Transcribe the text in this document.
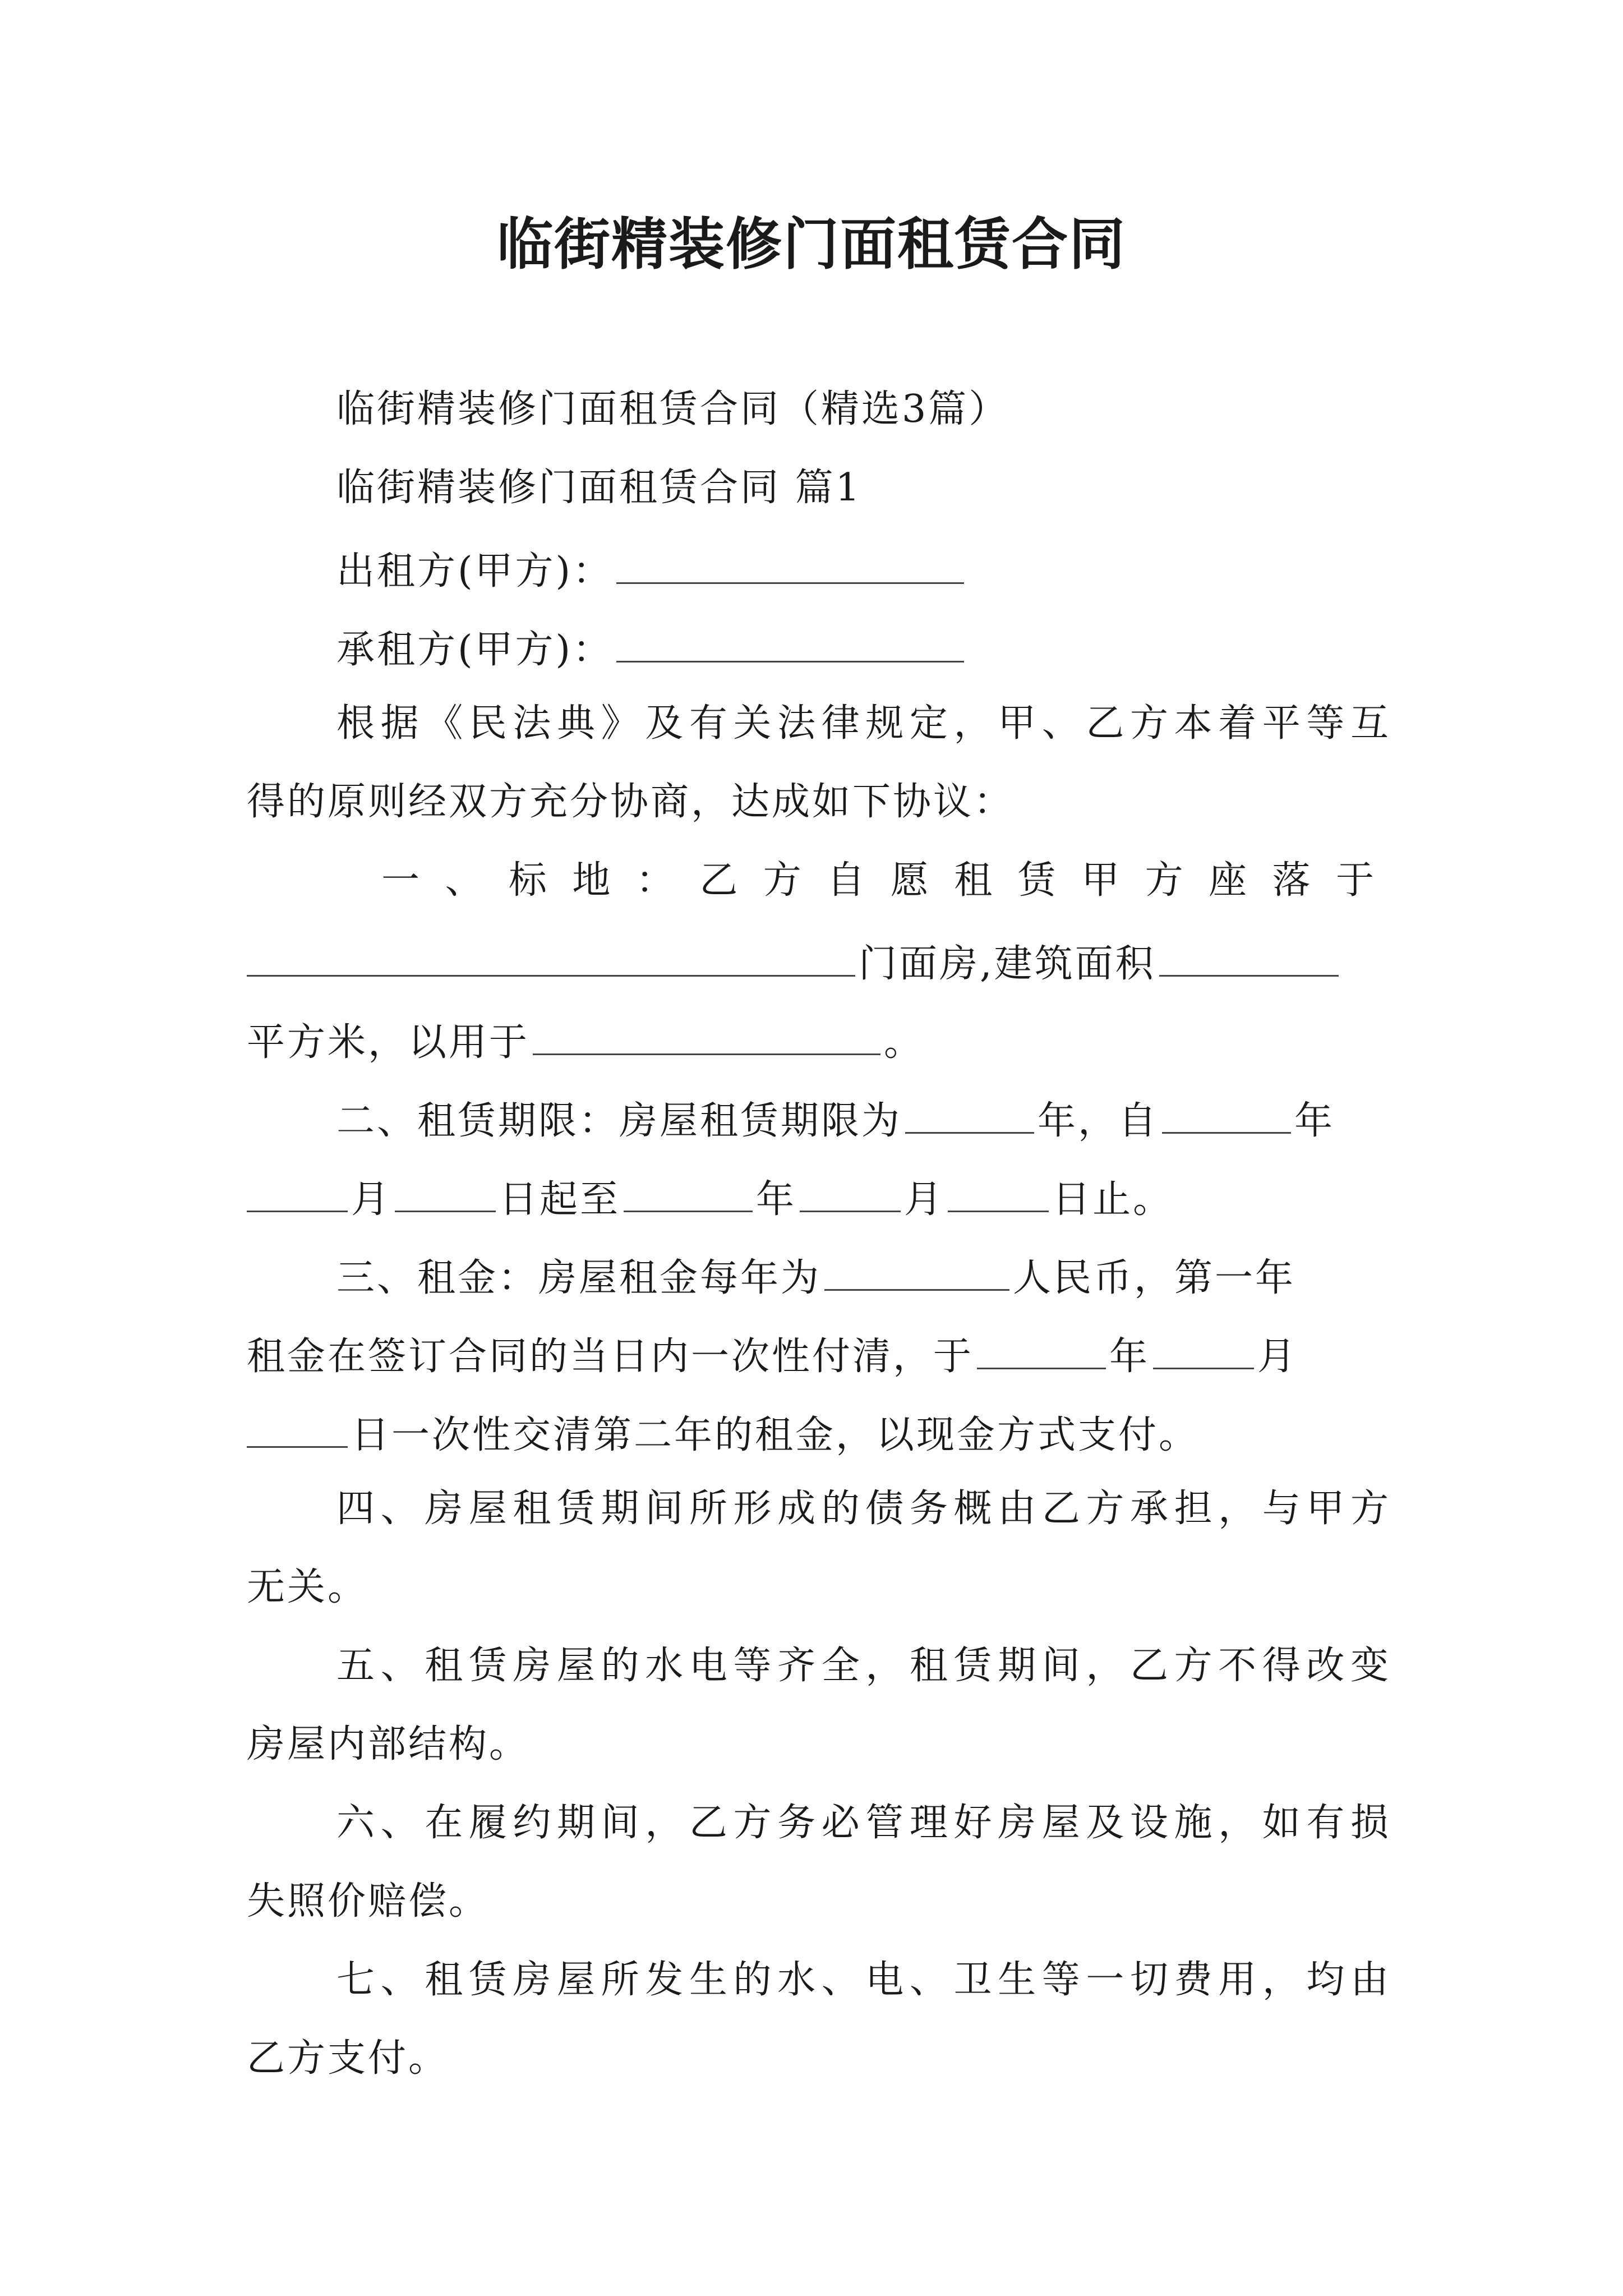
临街精装修门面租赁合同
临街精装修门面租赁合同（精选3篇）
临街精装修门面租赁合同 篇1
出租方(甲方)：
承租方(甲方)：
根据《民法典》及有关法律规定，甲、乙方本着平等互
得的原则经双方充分协商，达成如下协议：
一、标地：乙方自愿租赁甲方座落于
门面房,建筑面积
平方米，以用于	。
二、租赁期限：房屋租赁期限为	年，自	年
月	日起至	年	月	日止。
三、租金：房屋租金每年为	人民币，第一年
租金在签订合同的当日内一次性付清，于	年	月
日一次性交清第二年的租金，以现金方式支付。
四、房屋租赁期间所形成的债务概由乙方承担，与甲方
无关。
五、租赁房屋的水电等齐全，租赁期间，乙方不得改变
房屋内部结构。
六、在履约期间，乙方务必管理好房屋及设施，如有损
失照价赔偿。
七、租赁房屋所发生的水、电、卫生等一切费用，均由
乙方支付。
